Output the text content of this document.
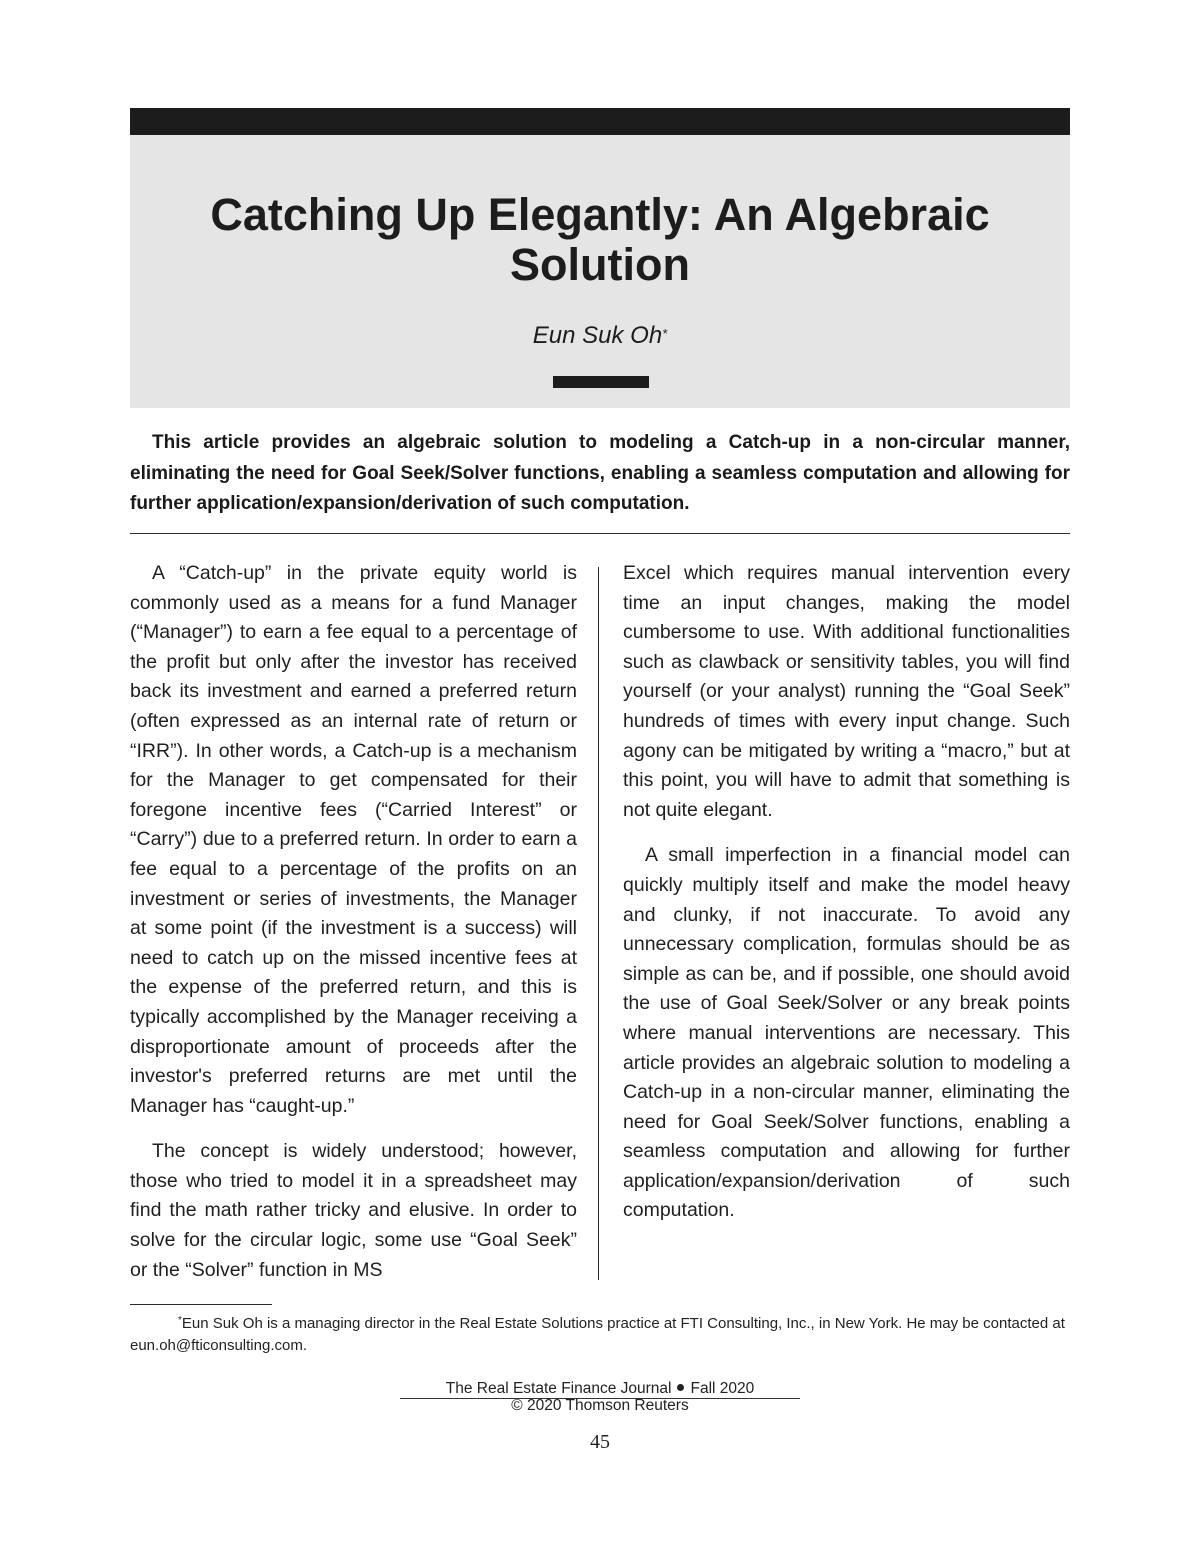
Catching Up Elegantly: An Algebraic Solution
Eun Suk Oh*
This article provides an algebraic solution to modeling a Catch-up in a non-circular manner, eliminating the need for Goal Seek/Solver functions, enabling a seamless computation and allowing for further application/expansion/derivation of such computation.

A “Catch-up” in the private equity world is commonly used as a means for a fund Manager (“Manager”) to earn a fee equal to a percentage of the profit but only after the investor has received back its investment and earned a preferred return (often expressed as an internal rate of return or “IRR”). In other words, a Catch-up is a mechanism for the Manager to get compensated for their foregone incentive fees (“Carried Interest” or “Carry”) due to a preferred return. In order to earn a fee equal to a percentage of the profits on an investment or series of investments, the Manager at some point (if the investment is a success) will need to catch up on the missed incentive fees at the expense of the preferred return, and this is typically accomplished by the Manager receiving a disproportionate amount of proceeds after the investor's preferred returns are met until the Manager has “caught-up.”

The concept is widely understood; however, those who tried to model it in a spreadsheet may find the math rather tricky and elusive. In order to solve for the circular logic, some use “Goal Seek” or the “Solver” function in MS

Excel which requires manual intervention every time an input changes, making the model cumbersome to use. With additional functionalities such as clawback or sensitivity tables, you will find yourself (or your analyst) running the “Goal Seek” hundreds of times with every input change. Such agony can be mitigated by writing a “macro,” but at this point, you will have to admit that something is not quite elegant.

A small imperfection in a financial model can quickly multiply itself and make the model heavy and clunky, if not inaccurate. To avoid any unnecessary complication, formulas should be as simple as can be, and if possible, one should avoid the use of Goal Seek/Solver or any break points where manual interventions are necessary. This article provides an algebraic solution to modeling a Catch-up in a non-circular manner, eliminating the need for Goal Seek/Solver functions, enabling a seamless computation and allowing for further application/expansion/derivation of such computation.

*Eun Suk Oh is a managing director in the Real Estate Solutions practice at FTI Consulting, Inc., in New York. He may be contacted at eun.oh@fticonsulting.com.
The Real Estate Finance Journal Fall 2020
© 2020 Thomson Reuters
45
